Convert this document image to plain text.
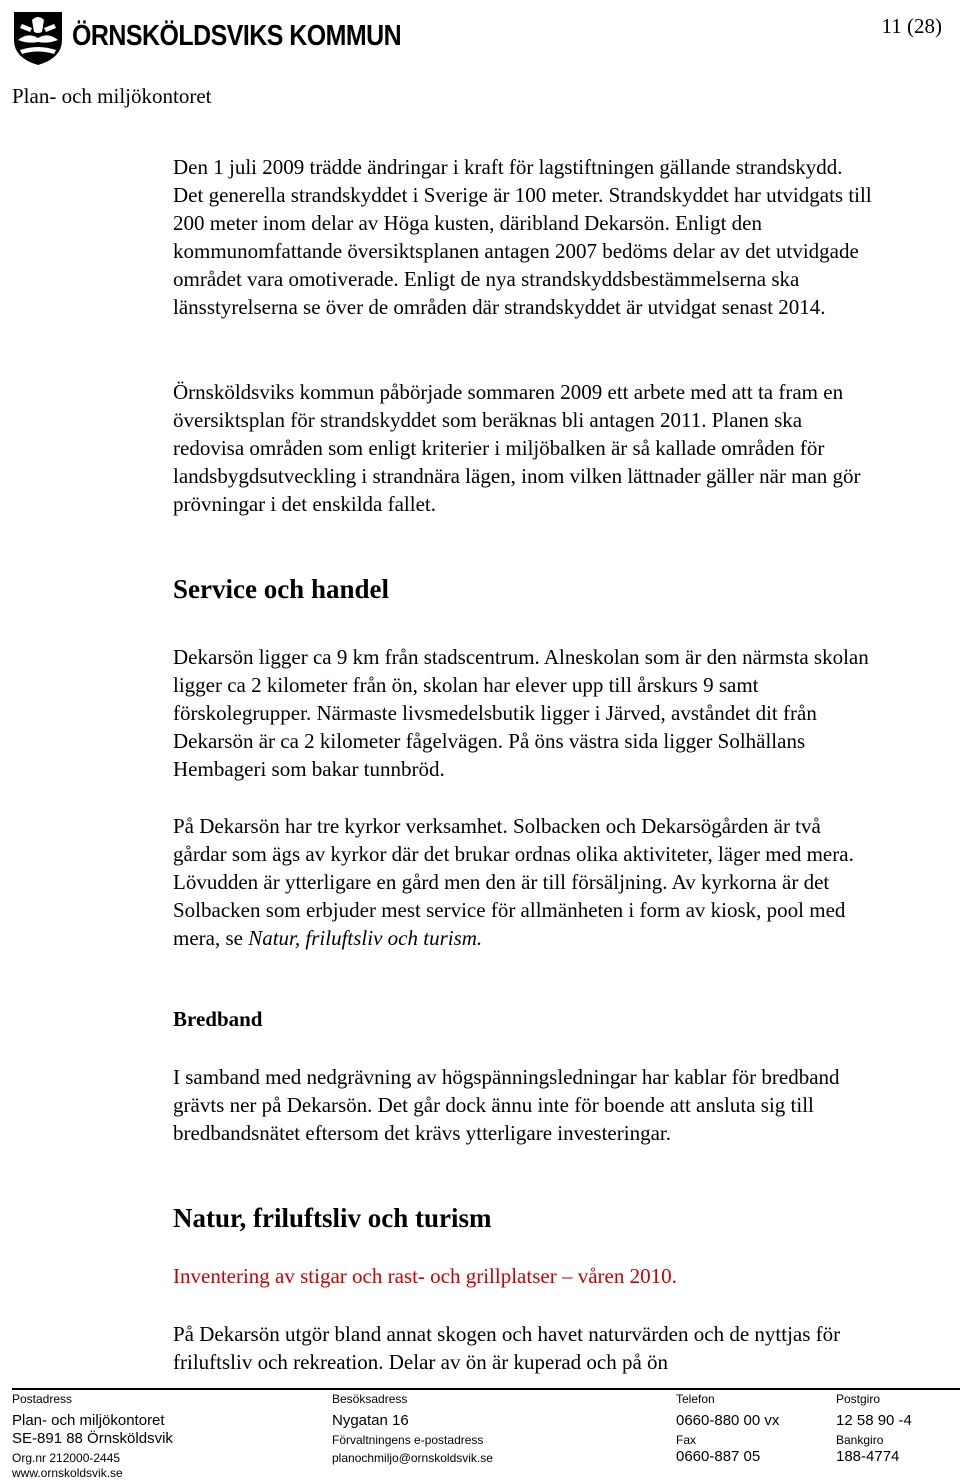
ÖRNSKÖLDSVIKS KOMMUN	11 (28)
Plan- och miljökontoret

Den 1 juli 2009 trädde ändringar i kraft för lagstiftningen gällande strandskydd. Det generella strandskyddet i Sverige är 100 meter. Strandskyddet har utvidgats till 200 meter inom delar av Höga kusten, däribland Dekarsön. Enligt den kommunomfattande översiktsplanen antagen 2007 bedöms delar av det utvidgade området vara omotiverade. Enligt de nya strandskyddsbestämmelserna ska länsstyrelserna se över de områden där strandskyddet är utvidgat senast 2014.

Örnsköldsviks kommun påbörjade sommaren 2009 ett arbete med att ta fram en översiktsplan för strandskyddet som beräknas bli antagen 2011. Planen ska redovisa områden som enligt kriterier i miljöbalken är så kallade områden för landsbygdsutveckling i strandnära lägen, inom vilken lättnader gäller när man gör prövningar i det enskilda fallet.

Service och handel

Dekarsön ligger ca 9 km från stadscentrum. Alneskolan som är den närmsta skolan ligger ca 2 kilometer från ön, skolan har elever upp till årskurs 9 samt förskolegrupper. Närmaste livsmedelsbutik ligger i Järved, avståndet dit från Dekarsön är ca 2 kilometer fågelvägen. På öns västra sida ligger Solhällans Hembageri som bakar tunnbröd.

På Dekarsön har tre kyrkor verksamhet. Solbacken och Dekarsögården är två gårdar som ägs av kyrkor där det brukar ordnas olika aktiviteter, läger med mera. Lövudden är ytterligare en gård men den är till försäljning. Av kyrkorna är det Solbacken som erbjuder mest service för allmänheten i form av kiosk, pool med mera, se Natur, friluftsliv och turism.

Bredband

I samband med nedgrävning av högspänningsledningar har kablar för bredband grävts ner på Dekarsön. Det går dock ännu inte för boende att ansluta sig till bredbandsnätet eftersom det krävs ytterligare investeringar.

Natur, friluftsliv och turism
Inventering av stigar och rast- och grillplatser – våren 2010.

På Dekarsön utgör bland annat skogen och havet naturvärden och de nyttjas för friluftsliv och rekreation. Delar av ön är kuperad och på ön

Postadress	Besöksadress	Telefon	Postgiro
Plan- och miljökontoret	Nygatan 16	0660-880 00 vx	12 58 90 -4
SE-891 88 Örnsköldsvik	Förvaltningens e-postadress	Fax	Bankgiro
Org.nr 212000-2445	planochmiljo@ornskoldsvik.se	0660-887 05	188-4774
www.ornskoldsvik.se
